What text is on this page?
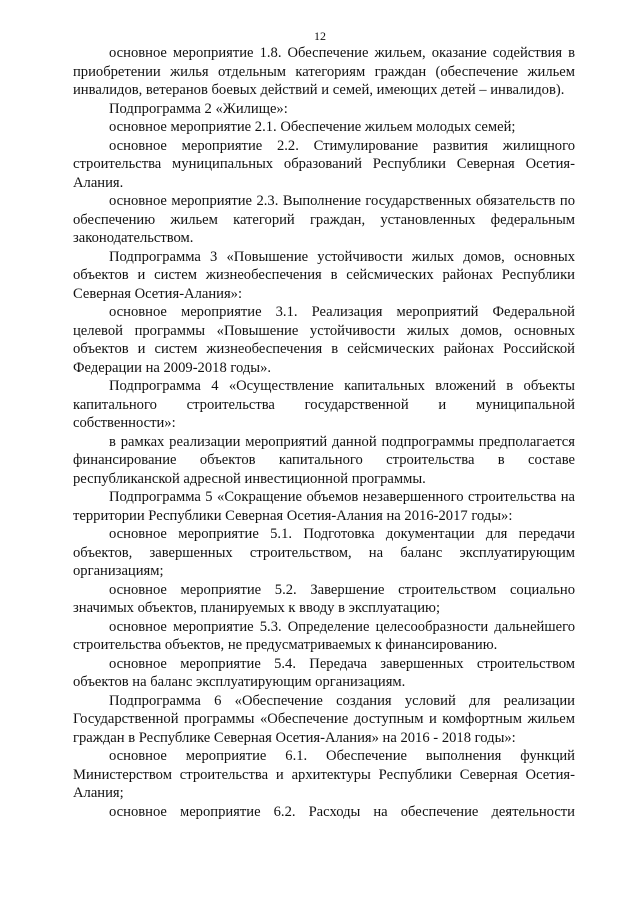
12

основное мероприятие 1.8. Обеспечение жильем, оказание содействия в приобретении жилья отдельным категориям граждан (обеспечение жильем инвалидов, ветеранов боевых действий и семей, имеющих детей – инвалидов).

Подпрограмма 2 «Жилище»:

основное мероприятие 2.1. Обеспечение жильем молодых семей;

основное мероприятие 2.2. Стимулирование развития жилищного строительства муниципальных образований Республики Северная Осетия-Алания.

основное мероприятие 2.3. Выполнение государственных обязательств по обеспечению жильем категорий граждан, установленных федеральным законодательством.

Подпрограмма 3 «Повышение устойчивости жилых домов, основных объектов и систем жизнеобеспечения в сейсмических районах Республики Северная Осетия-Алания»:

основное мероприятие 3.1. Реализация мероприятий Федеральной целевой программы «Повышение устойчивости жилых домов, основных объектов и систем жизнеобеспечения в сейсмических районах Российской Федерации на 2009-2018 годы».

Подпрограмма 4 «Осуществление капитальных вложений в объекты капитального строительства государственной и муниципальной собственности»:

в рамках реализации мероприятий данной подпрограммы предполагается финансирование объектов капитального строительства в составе республиканской адресной инвестиционной программы.

Подпрограмма 5 «Сокращение объемов незавершенного строительства на территории Республики Северная Осетия-Алания на 2016-2017 годы»:

основное мероприятие 5.1. Подготовка документации для передачи объектов, завершенных строительством, на баланс эксплуатирующим организациям;

основное мероприятие 5.2. Завершение строительством социально значимых объектов, планируемых к вводу в эксплуатацию;

основное мероприятие 5.3. Определение целесообразности дальнейшего строительства объектов, не предусматриваемых к финансированию.

основное мероприятие 5.4. Передача завершенных строительством объектов на баланс эксплуатирующим организациям.

Подпрограмма 6 «Обеспечение создания условий для реализации Государственной программы «Обеспечение доступным и комфортным жильем граждан в Республике Северная Осетия-Алания» на 2016 - 2018 годы»:

основное мероприятие 6.1. Обеспечение выполнения функций Министерством строительства и архитектуры Республики Северная Осетия-Алания;

основное мероприятие 6.2. Расходы на обеспечение деятельности
